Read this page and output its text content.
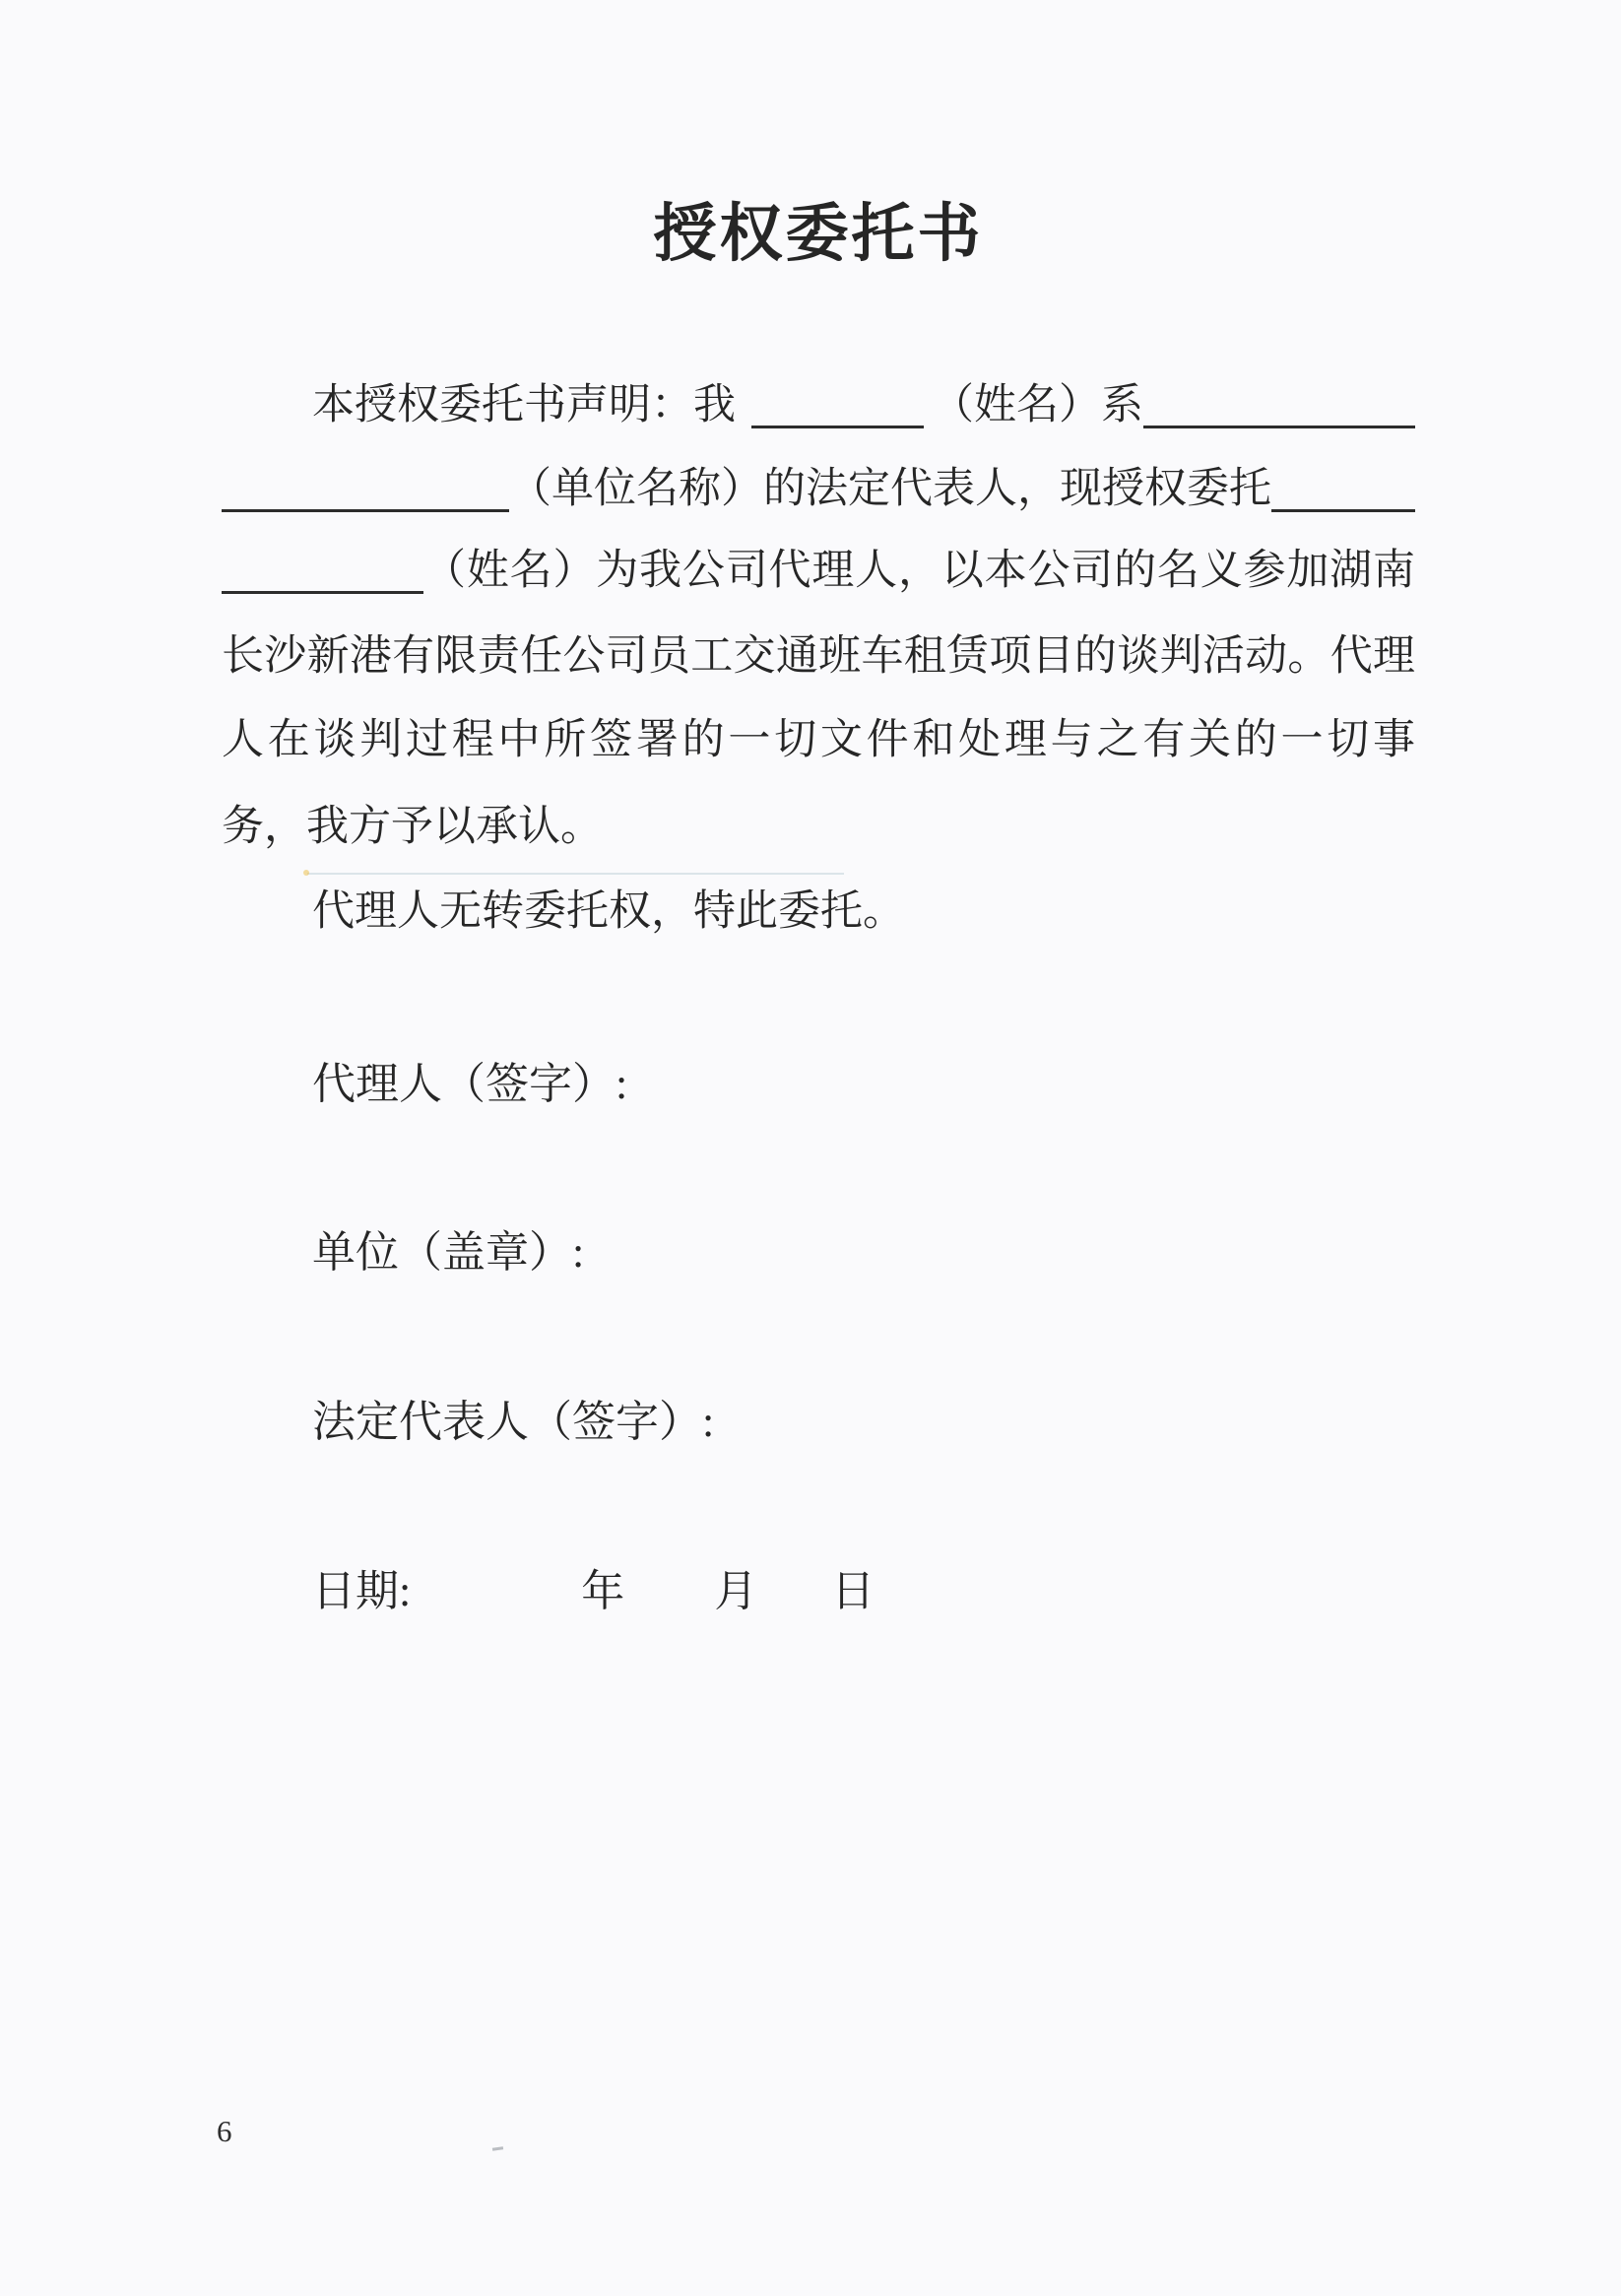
授权委托书
本授权委托书声明：我	（姓名）系
（单位名称）的法定代表人，现授权委托
（姓名）为我公司代理人，以本公司的名义参加湖南
长沙新港有限责任公司员工交通班车租赁项目的谈判活动。代理
人在谈判过程中所签署的一切文件和处理与之有关的一切事
务，我方予以承认。
代理人无转委托权，特此委托。
代理人（签字）:
单位（盖章）:
法定代表人（签字）:
日期:	年 月 日
6
